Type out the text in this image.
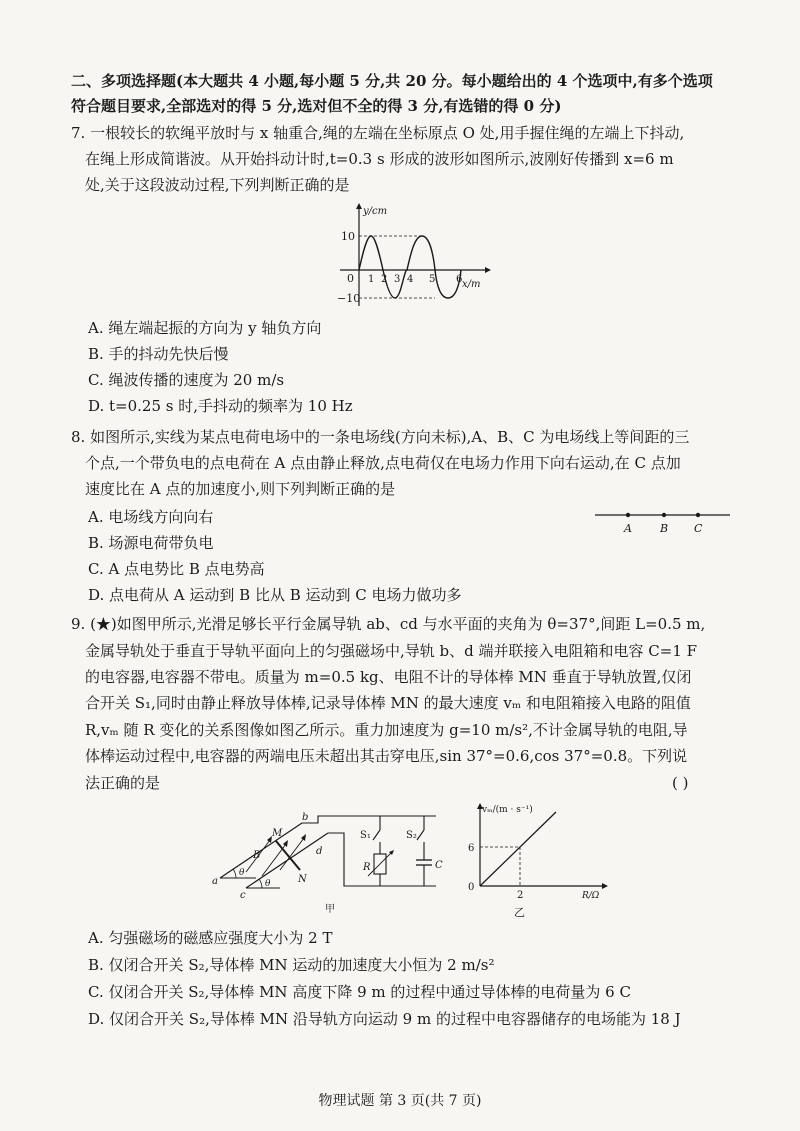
二、多项选择题(本大题共 4 小题,每小题 5 分,共 20 分。每小题给出的 4 个选项中,有多个选项
符合题目要求,全部选对的得 5 分,选对但不全的得 3 分,有选错的得 0 分)
7. 一根较长的软绳平放时与 x 轴重合,绳的左端在坐标原点 O 处,用手握住绳的左端上下抖动,
在绳上形成简谐波。从开始抖动计时,t=0.3 s 形成的波形如图所示,波刚好传播到 x=6 m
处,关于这段波动过程,下列判断正确的是
y/cm
10
−10
0 1 2 3 4 5 6 x/m
A. 绳左端起振的方向为 y 轴负方向
B. 手的抖动先快后慢
C. 绳波传播的速度为 20 m/s
D. t=0.25 s 时,手抖动的频率为 10 Hz
8. 如图所示,实线为某点电荷电场中的一条电场线(方向未标),A、B、C 为电场线上等间距的三
个点,一个带负电的点电荷在 A 点由静止释放,点电荷仅在电场力作用下向右运动,在 C 点加
速度比在 A 点的加速度小,则下列判断正确的是
A	B C
A. 电场线方向向右
B. 场源电荷带负电
C. A 点电势比 B 点电势高
D. 点电荷从 A 运动到 B 比从 B 运动到 C 电场力做功多
9. (★)如图甲所示,光滑足够长平行金属导轨 ab、cd 与水平面的夹角为 θ=37°,间距 L=0.5 m,
金属导轨处于垂直于导轨平面向上的匀强磁场中,导轨 b、d 端并联接入电阻箱和电容 C=1 F
的电容器,电容器不带电。质量为 m=0.5 kg、电阻不计的导体棒 MN 垂直于导轨放置,仅闭
合开关 S₁,同时由静止释放导体棒,记录导体棒 MN 的最大速度 vₘ 和电阻箱接入电路的阻值
R,vₘ 随 R 变化的关系图像如图乙所示。重力加速度为 g=10 m/s²,不计金属导轨的电阻,导
体棒运动过程中,电容器的两端电压未超出其击穿电压,sin 37°=0.6,cos 37°=0.8。下列说
法正确的是	( )
b
M
B	d
N
a
c
θ
θ
S₁	S₂
R	C
甲
vₘ/(m · s⁻¹)
6
0
2	R/Ω
乙
A. 匀强磁场的磁感应强度大小为 2 T
B. 仅闭合开关 S₂,导体棒 MN 运动的加速度大小恒为 2 m/s²
C. 仅闭合开关 S₂,导体棒 MN 高度下降 9 m 的过程中通过导体棒的电荷量为 6 C
D. 仅闭合开关 S₂,导体棒 MN 沿导轨方向运动 9 m 的过程中电容器储存的电场能为 18 J
物理试题 第 3 页(共 7 页)
